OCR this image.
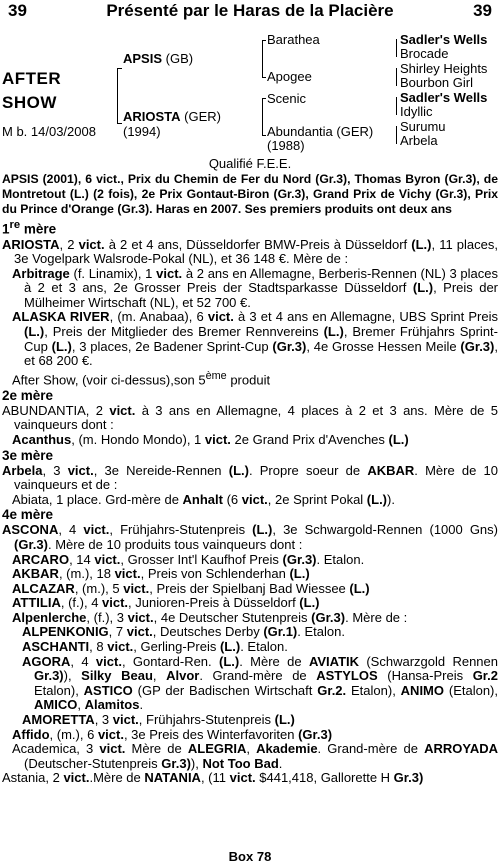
39	Présenté par le Haras de la Placière	39
AFTER
SHOW
M b. 14/03/2008
APSIS (GB)
ARIOSTA (GER)
(1994)
Barathea
Apogee
Scenic
Abundantia (GER)
(1988)
Sadler's Wells
Brocade
Shirley Heights
Bourbon Girl
Sadler's Wells
Idyllic
Surumu
Arbela
Qualifié F.E.E.

APSIS (2001), 6 vict., Prix du Chemin de Fer du Nord (Gr.3), Thomas Byron (Gr.3), de Montretout (L.) (2 fois), 2e Prix Gontaut-Biron (Gr.3), Grand Prix de Vichy (Gr.3), Prix du Prince d'Orange (Gr.3). Haras en 2007. Ses premiers produits ont deux ans

1re mère

ARIOSTA, 2 vict. à 2 et 4 ans, Düsseldorfer BMW-Preis à Düsseldorf (L.), 11 places, 3e Vogelpark Walsrode-Pokal (NL), et 36 148 €. Mère de :

Arbitrage (f. Linamix), 1 vict. à 2 ans en Allemagne, Berberis-Rennen (NL) 3 places à 2 et 3 ans, 2e Grosser Preis der Stadtsparkasse Düsseldorf (L.), Preis der Mülheimer Wirtschaft (NL), et 52 700 €.

ALASKA RIVER, (m. Anabaa), 6 vict. à 3 et 4 ans en Allemagne, UBS Sprint Preis (L.), Preis der Mitglieder des Bremer Rennvereins (L.), Bremer Frühjahrs Sprint-Cup (L.), 3 places, 2e Badener Sprint-Cup (Gr.3), 4e Grosse Hessen Meile (Gr.3), et 68 200 €.

After Show, (voir ci-dessus),son 5ème produit

2e mère

ABUNDANTIA, 2 vict. à 3 ans en Allemagne, 4 places à 2 et 3 ans. Mère de 5 vainqueurs dont :

Acanthus, (m. Hondo Mondo), 1 vict. 2e Grand Prix d'Avenches (L.)

3e mère

Arbela, 3 vict., 3e Nereide-Rennen (L.). Propre soeur de AKBAR. Mère de 10 vainqueurs et de :

Abiata, 1 place. Grd-mère de Anhalt (6 vict., 2e Sprint Pokal (L.)).

4e mère

ASCONA, 4 vict., Frühjahrs-Stutenpreis (L.), 3e Schwargold-Rennen (1000 Gns) (Gr.3). Mère de 10 produits tous vainqueurs dont :

ARCARO, 14 vict., Grosser Int'l Kaufhof Preis (Gr.3). Etalon.

AKBAR, (m.), 18 vict., Preis von Schlenderhan (L.)

ALCAZAR, (m.), 5 vict., Preis der Spielbanj Bad Wiessee (L.)

ATTILIA, (f.), 4 vict., Junioren-Preis à Düsseldorf (L.)

Alpenlerche, (f.), 3 vict., 4e Deutscher Stutenpreis (Gr.3). Mère de :

ALPENKONIG, 7 vict., Deutsches Derby (Gr.1). Etalon.

ASCHANTI, 8 vict., Gerling-Preis (L.). Etalon.

AGORA, 4 vict., Gontard-Ren. (L.). Mère de AVIATIK (Schwarzgold Rennen Gr.3)), Silky Beau, Alvor. Grand-mère de ASTYLOS (Hansa-Preis Gr.2 Etalon), ASTICO (GP der Badischen Wirtschaft Gr.2. Etalon), ANIMO (Etalon), AMICO, Alamitos.

AMORETTA, 3 vict., Frühjahrs-Stutenpreis (L.)

Affido, (m.), 6 vict., 3e Preis des Winterfavoriten (Gr.3)

Academica, 3 vict. Mère de ALEGRIA, Akademie. Grand-mère de ARROYADA (Deutscher-Stutenpreis Gr.3)), Not Too Bad.

Astania, 2 vict..Mère de NATANIA, (11 vict. $441,418, Gallorette H Gr.3)

Box 78
